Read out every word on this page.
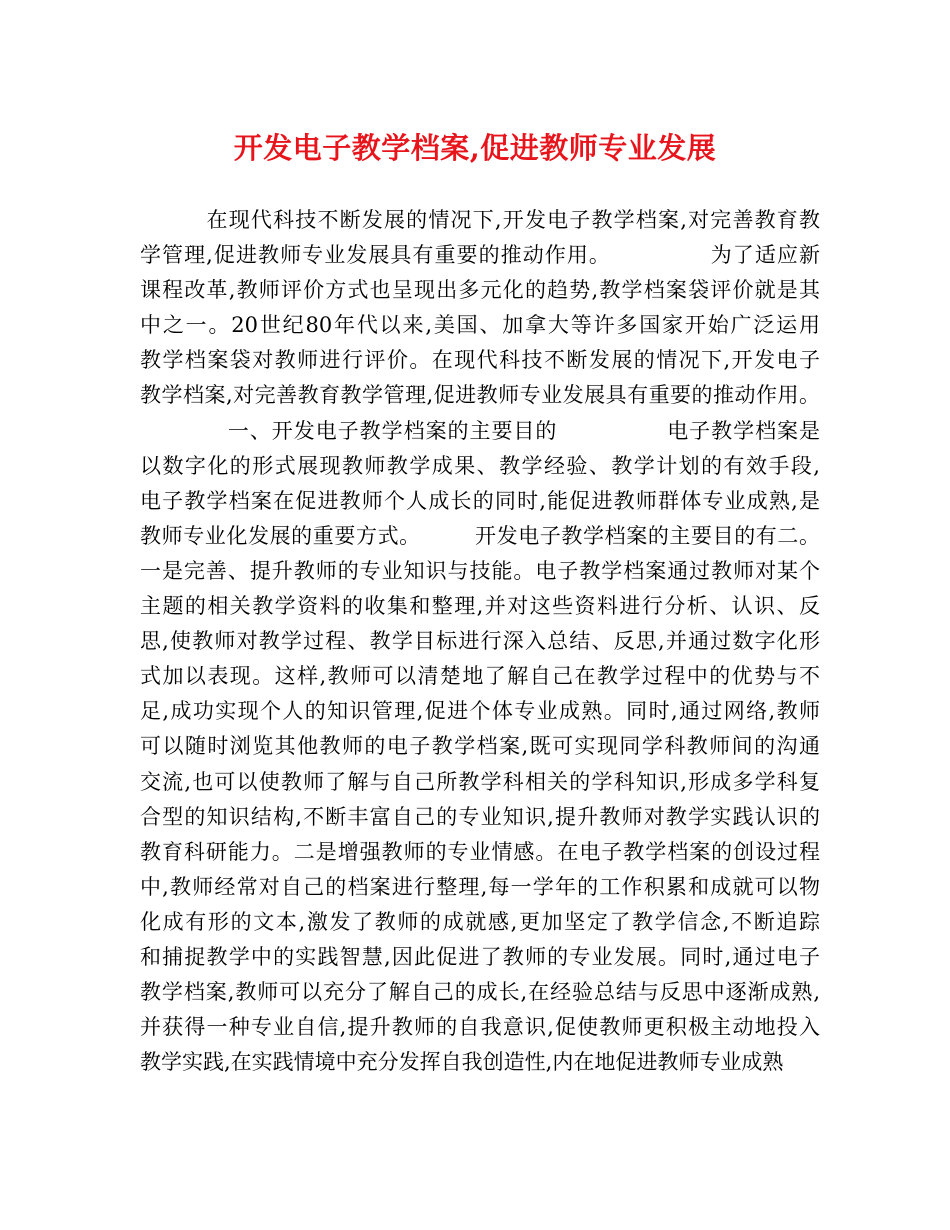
开发电子教学档案,促进教师专业发展
　　　在现代科技不断发展的情况下,开发电子教学档案,对完善教育教
学管理,促进教师专业发展具有重要的推动作用。　　　　　为了适应新
课程改革,教师评价方式也呈现出多元化的趋势,教学档案袋评价就是其
中之一。20世纪80年代以来,美国、加拿大等许多国家开始广泛运用
教学档案袋对教师进行评价。在现代科技不断发展的情况下,开发电子
教学档案,对完善教育教学管理,促进教师专业发展具有重要的推动作用。
　　　　一、开发电子教学档案的主要目的　　　　　电子教学档案是
以数字化的形式展现教师教学成果、教学经验、教学计划的有效手段,
电子教学档案在促进教师个人成长的同时,能促进教师群体专业成熟,是
教师专业化发展的重要方式。　　　开发电子教学档案的主要目的有二。
一是完善、提升教师的专业知识与技能。电子教学档案通过教师对某个
主题的相关教学资料的收集和整理,并对这些资料进行分析、认识、反
思,使教师对教学过程、教学目标进行深入总结、反思,并通过数字化形
式加以表现。这样,教师可以清楚地了解自己在教学过程中的优势与不
足,成功实现个人的知识管理,促进个体专业成熟。同时,通过网络,教师
可以随时浏览其他教师的电子教学档案,既可实现同学科教师间的沟通
交流,也可以使教师了解与自己所教学科相关的学科知识,形成多学科复
合型的知识结构,不断丰富自己的专业知识,提升教师对教学实践认识的
教育科研能力。二是增强教师的专业情感。在电子教学档案的创设过程
中,教师经常对自己的档案进行整理,每一学年的工作积累和成就可以物
化成有形的文本,激发了教师的成就感,更加坚定了教学信念,不断追踪
和捕捉教学中的实践智慧,因此促进了教师的专业发展。同时,通过电子
教学档案,教师可以充分了解自己的成长,在经验总结与反思中逐渐成熟,
并获得一种专业自信,提升教师的自我意识,促使教师更积极主动地投入
教学实践,在实践情境中充分发挥自我创造性,内在地促进教师专业成熟
